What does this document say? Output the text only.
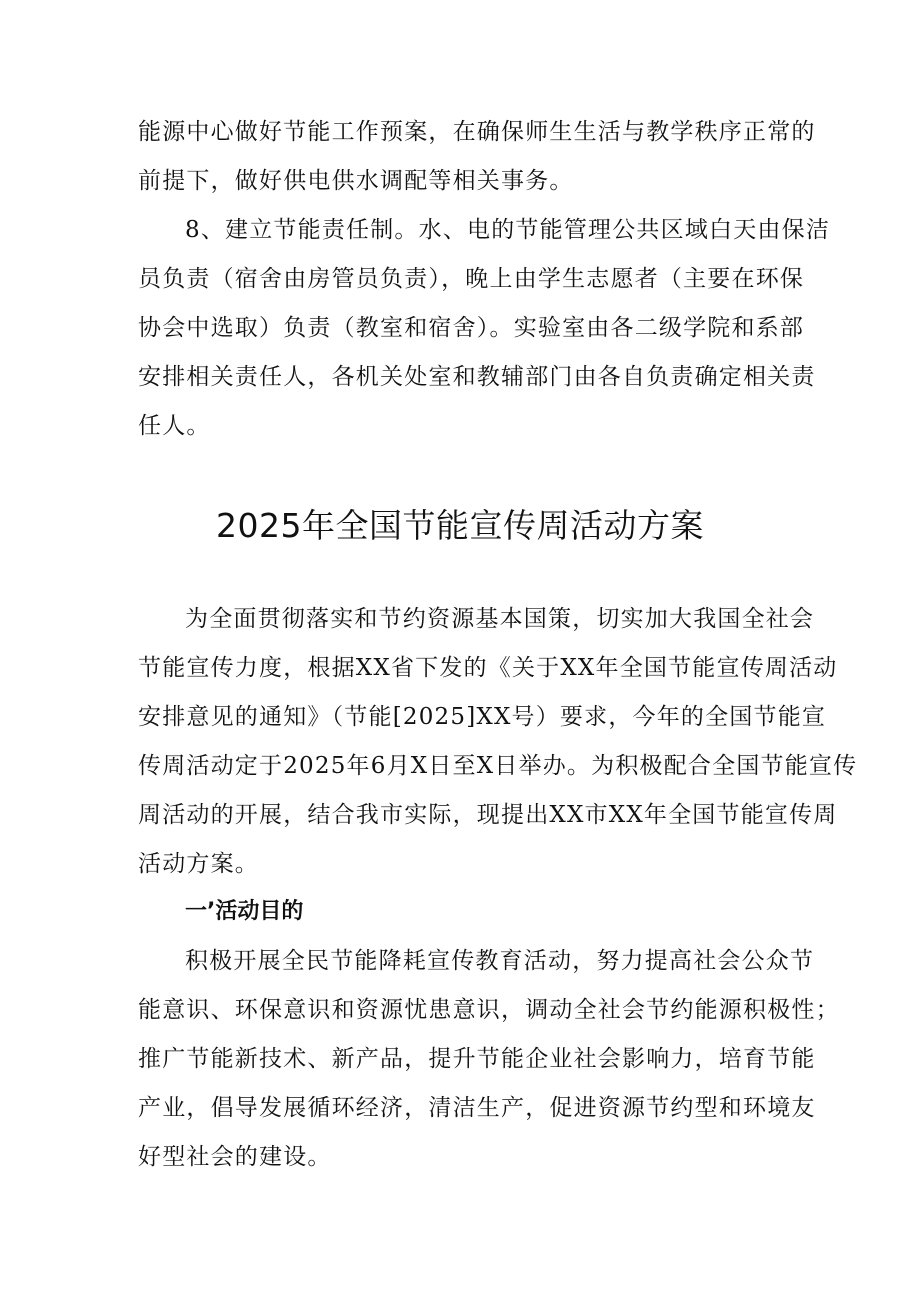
能源中心做好节能工作预案，在确保师生生活与教学秩序正常的
前提下，做好供电供水调配等相关事务。
8、建立节能责任制。水、电的节能管理公共区域白天由保洁
员负责（宿舍由房管员负责），晚上由学生志愿者（主要在环保
协会中选取）负责（教室和宿舍）。实验室由各二级学院和系部
安排相关责任人，各机关处室和教辅部门由各自负责确定相关责
任人。
2025年全国节能宣传周活动方案
为全面贯彻落实和节约资源基本国策，切实加大我国全社会
节能宣传力度，根据XX省下发的《关于XX年全国节能宣传周活动
安排意见的通知》（节能[2025]XX号）要求，今年的全国节能宣
传周活动定于2025年6月X日至X日举办。为积极配合全国节能宣传
周活动的开展，结合我市实际，现提出XX市XX年全国节能宣传周
活动方案。
一’活动目的
积极开展全民节能降耗宣传教育活动，努力提高社会公众节
能意识、环保意识和资源忧患意识，调动全社会节约能源积极性；
推广节能新技术、新产品，提升节能企业社会影响力，培育节能
产业，倡导发展循环经济，清洁生产，促进资源节约型和环境友
好型社会的建设。
